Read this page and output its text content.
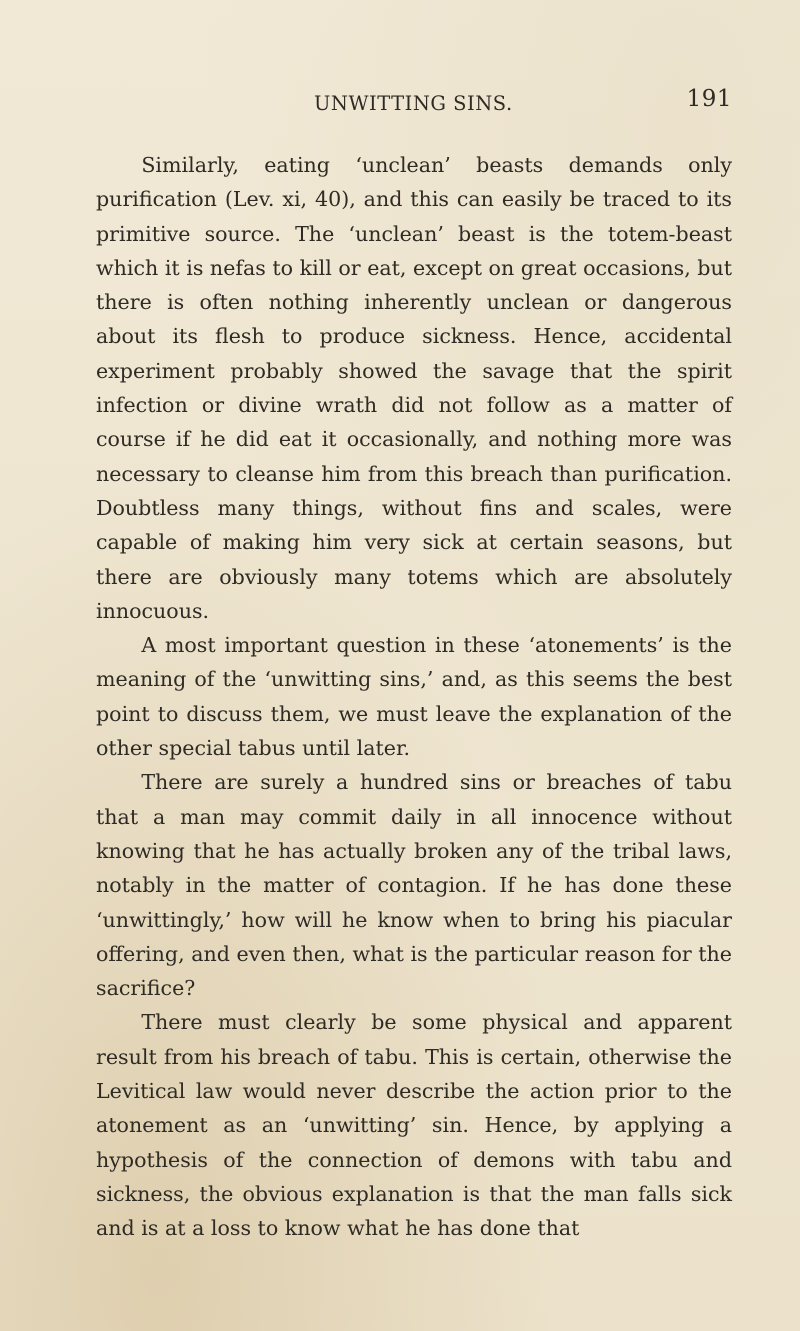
UNWITTING SINS.	191

Similarly, eating ‘unclean’ beasts demands only purification (Lev. xi, 40), and this can easily be traced to its primitive source. The ‘unclean’ beast is the totem-beast which it is nefas to kill or eat, except on great occasions, but there is often nothing inherently unclean or dangerous about its flesh to produce sickness. Hence, accidental experiment probably showed the savage that the spirit infection or divine wrath did not follow as a matter of course if he did eat it occasionally, and nothing more was necessary to cleanse him from this breach than purification. Doubtless many things, without fins and scales, were capable of making him very sick at certain seasons, but there are obviously many totems which are absolutely innocuous.

A most important question in these ‘atonements’ is the meaning of the ‘unwitting sins,’ and, as this seems the best point to discuss them, we must leave the explanation of the other special tabus until later.

There are surely a hundred sins or breaches of tabu that a man may commit daily in all innocence without knowing that he has actually broken any of the tribal laws, notably in the matter of contagion. If he has done these ‘unwittingly,’ how will he know when to bring his piacular offering, and even then, what is the particular reason for the sacrifice?

There must clearly be some physical and apparent result from his breach of tabu. This is certain, otherwise the Levitical law would never describe the action prior to the atonement as an ‘unwitting’ sin. Hence, by applying a hypothesis of the connection of demons with tabu and sickness, the obvious explanation is that the man falls sick and is at a loss to know what he has done that
